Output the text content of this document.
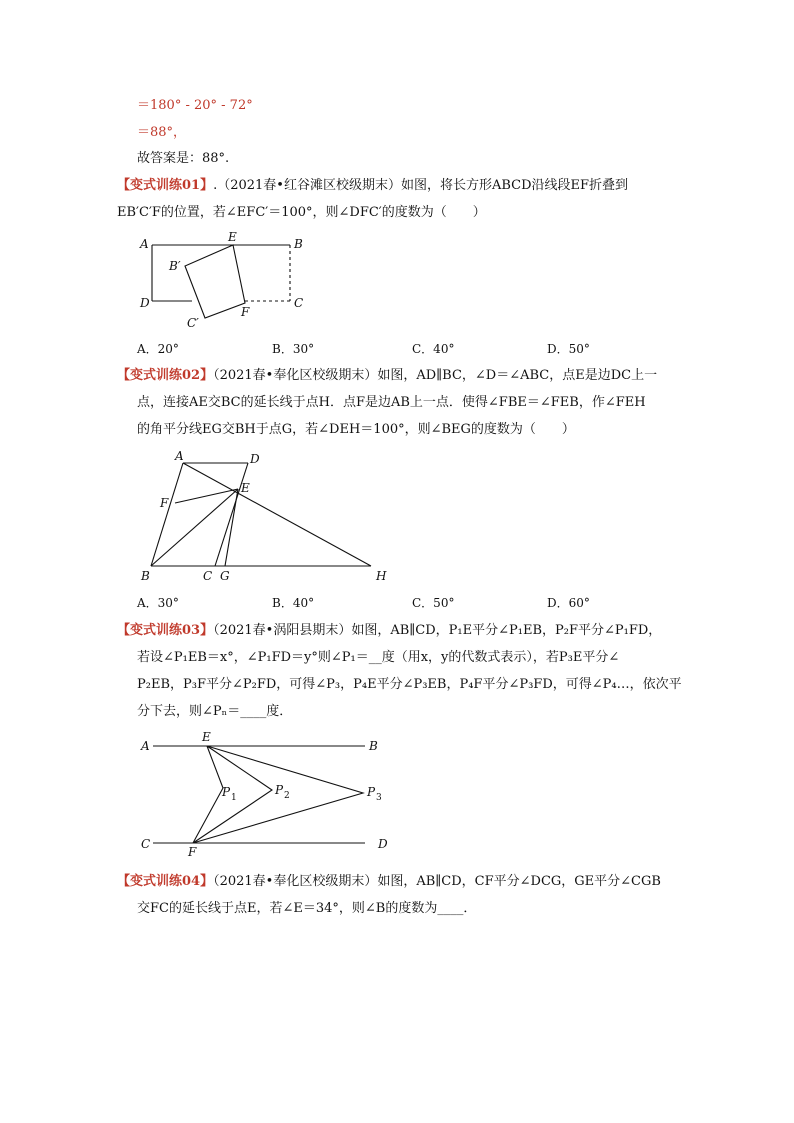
＝180° - 20° - 72°
＝88°，
故答案是：88°.
【变式训练01】.（2021春•红谷滩区校级期末）如图，将长方形ABCD沿线段EF折叠到
EB′C′F的位置，若∠EFC′＝100°，则∠DFC′的度数为（　　）
A	E	B
B′
D	C
C′
F
A．20°	B．30°	C．40°	D．50°
【变式训练02】（2021春•奉化区校级期末）如图，AD∥BC，∠D＝∠ABC，点E是边DC上一
点，连接AE交BC的延长线于点H．点F是边AB上一点．使得∠FBE＝∠FEB，作∠FEH
的角平分线EG交BH于点G，若∠DEH＝100°，则∠BEG的度数为（　　）
A	D
E
F
B	C G	H
A．30°	B．40°	C．50°	D．60°
【变式训练03】（2021春•涡阳县期末）如图，AB∥CD，P₁E平分∠P₁EB，P₂F平分∠P₁FD，
若设∠P₁EB＝x°，∠P₁FD＝y°则∠P₁＝__度（用x，y的代数式表示），若P₃E平分∠
P₂EB，P₃F平分∠P₂FD，可得∠P₃，P₄E平分∠P₃EB，P₄F平分∠P₃FD，可得∠P₄…，依次平
分下去，则∠Pₙ＝____度．
A
E
B
P 1
P 2	P 3
C
F
D
【变式训练04】（2021春•奉化区校级期末）如图，AB∥CD，CF平分∠DCG，GE平分∠CGB
交FC的延长线于点E，若∠E＝34°，则∠B的度数为____．
